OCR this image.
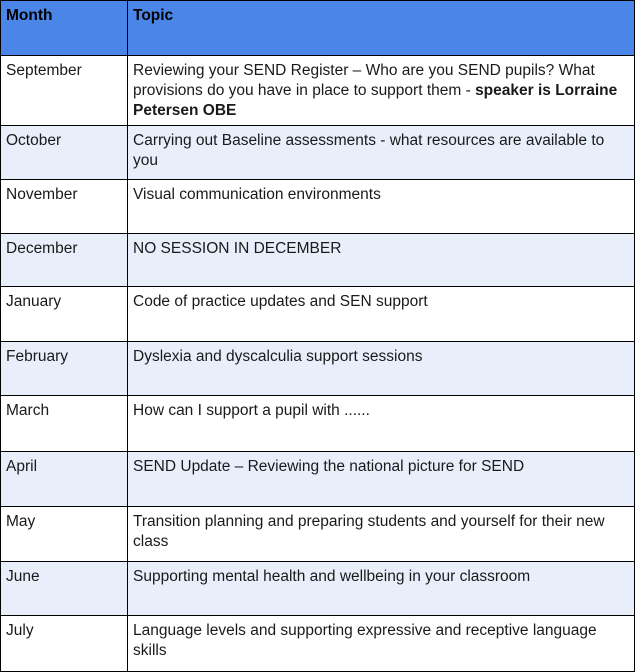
Month	Topic
September	Reviewing your SEND Register – Who are you SEND pupils? What provisions do you have in place to support them - speaker is Lorraine Petersen OBE
October	Carrying out Baseline assessments - what resources are available to you
November	Visual communication environments
December	NO SESSION IN DECEMBER
January	Code of practice updates and SEN support
February	Dyslexia and dyscalculia support sessions
March	How can I support a pupil with ......
April	SEND Update – Reviewing the national picture for SEND
May	Transition planning and preparing students and yourself for their new class
June	Supporting mental health and wellbeing in your classroom
July	Language levels and supporting expressive and receptive language skills
